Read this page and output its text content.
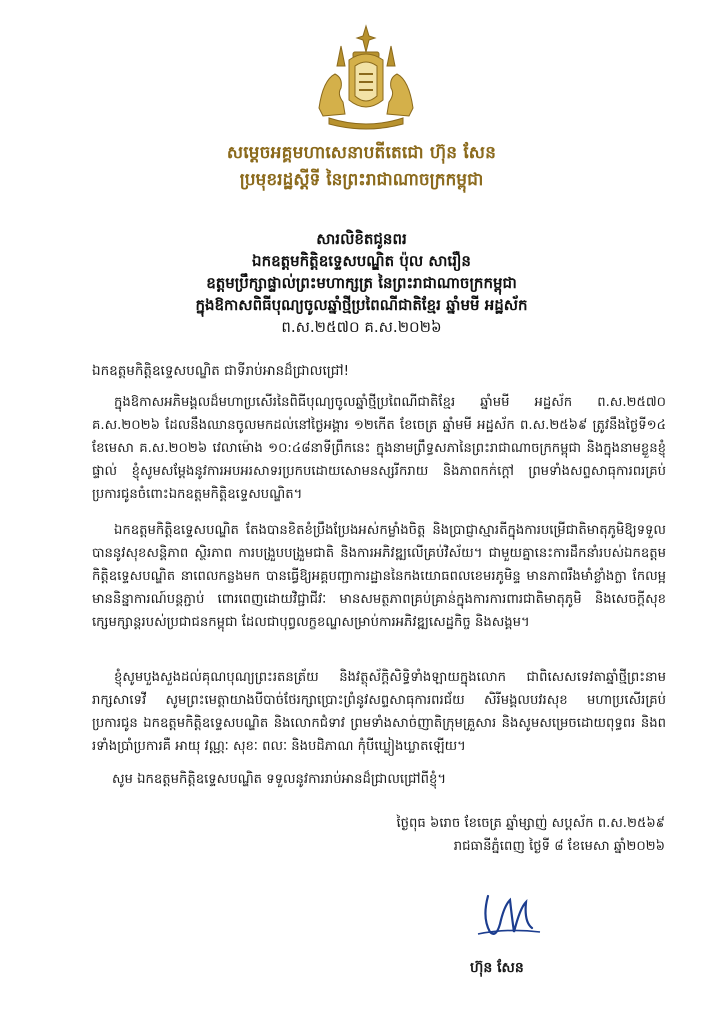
សម្ដេចអគ្គមហាសេនាបតីតេជោ ហ៊ុន សែន
ប្រមុខរដ្ឋស្ដីទី នៃព្រះរាជាណាចក្រកម្ពុជា
សារលិខិតជូនពរ
ឯកឧត្ដមកិត្តិឧទ្ទេសបណ្ឌិត ប៉ុល សារឿន
ឧត្ដមប្រឹក្សាផ្ទាល់ព្រះមហាក្សត្រ នៃព្រះរាជាណាចក្រកម្ពុជា
ក្នុងឱកាសពិធីបុណ្យចូលឆ្នាំថ្មីប្រពៃណីជាតិខ្មែរ ឆ្នាំមមី អដ្ឋស័ក
ព.ស.២៥៧០ គ.ស.២០២៦
ឯកឧត្ដមកិត្តិឧទ្ទេសបណ្ឌិត ជាទីរាប់អានដ៏ជ្រាលជ្រៅ!
ក្នុងឱកាសអភិមង្គលដ៏មហាប្រសើរនៃពិធីបុណ្យចូលឆ្នាំថ្មីប្រពៃណីជាតិខ្មែរ ឆ្នាំមមី អដ្ឋស័ក ព.ស.២៥៧០ គ.ស.២០២៦ ដែលនឹងឈានចូលមកដល់នៅថ្ងៃអង្គារ ១២កើត ខែចេត្រ ឆ្នាំមមី អដ្ឋស័ក ព.ស.២៥៦៩ ត្រូវនឹងថ្ងៃទី១៤ ខែមេសា គ.ស.២០២៦ វេលាម៉ោង ១០:៤៨នាទីព្រឹកនេះ ក្នុងនាមព្រឹទ្ធសភានៃព្រះរាជាណាចក្រកម្ពុជា និងក្នុងនាមខ្លួនខ្ញុំផ្ទាល់ ខ្ញុំសូមសម្ដែងនូវការអបអរសាទរប្រកបដោយសោមនស្សរីករាយ និងភាពកក់ក្ដៅ ព្រមទាំងសព្ទសាធុការពរគ្រប់ប្រការជូនចំពោះឯកឧត្ដមកិត្តិឧទ្ទេសបណ្ឌិត។
ឯកឧត្ដមកិត្តិឧទ្ទេសបណ្ឌិត តែងបានខិតខំប្រឹងប្រែងអស់កម្លាំងចិត្ត និងប្រាជ្ញាស្មារតីក្នុងការបម្រើជាតិមាតុភូមិឱ្យទទួលបាននូវសុខសន្តិភាព ស្ថិរភាព ការបង្រួបបង្រួមជាតិ និងការអភិវឌ្ឍលើគ្រប់វិស័យ។ ជាមួយគ្នានេះការដឹកនាំរបស់ឯកឧត្ដមកិត្តិឧទ្ទេសបណ្ឌិត នាពេលកន្លងមក បានធ្វើឱ្យអគ្គបញ្ជាការដ្ឋាននៃកងយោធពលខេមរភូមិន្ទ មានភាពរឹងមាំខ្លាំងក្លា កែលម្អ មាននិន្នាការណ៍បន្តភ្ជាប់ ពោរពេញដោយវិជ្ជាជីវៈ មានសមត្ថភាពគ្រប់គ្រាន់ក្នុងការការពារជាតិមាតុភូមិ និងសេចក្ដីសុខក្សេមក្សាន្តរបស់ប្រជាជនកម្ពុជា ដែលជាបុព្វលក្ខខណ្ឌសម្រាប់ការអភិវឌ្ឍសេដ្ឋកិច្ច និងសង្គម។
ខ្ញុំសូមបួងសួងដល់គុណបុណ្យព្រះរតនត្រ័យ និងវត្ថុស័ក្តិសិទ្ធិទាំងឡាយក្នុងលោក ជាពិសេសទេវតាឆ្នាំថ្មីព្រះនាម រាក្សសាទេវី សូមព្រះមេត្តាយាងបីបាច់ថែរក្សាប្រោះព្រំនូវសព្ទសាធុការពរជ័យ សិរីមង្គលបវរសុខ មហាប្រសើរគ្រប់ប្រការជូន ឯកឧត្ដមកិត្តិឧទ្ទេសបណ្ឌិត និងលោកជំទាវ ព្រមទាំងសាច់ញាតិក្រុមគ្រួសារ និងសូមសម្រេចដោយពុទ្ធពរ និងពរទាំងប្រាំប្រការគឺ អាយុ វណ្ណៈ សុខៈ ពលៈ និងបដិភាណ កុំបីឃ្លៀងឃ្លាតឡើយ។
សូម ឯកឧត្ដមកិត្តិឧទ្ទេសបណ្ឌិត ទទួលនូវការរាប់អានដ៏ជ្រាលជ្រៅពីខ្ញុំ។
ថ្ងៃពុធ ៦រោច ខែចេត្រ ឆ្នាំម្សាញ់ សប្តស័ក ព.ស.២៥៦៩
រាជធានីភ្នំពេញ ថ្ងៃទី ៨ ខែមេសា ឆ្នាំ២០២៦
ហ៊ុន សែន
